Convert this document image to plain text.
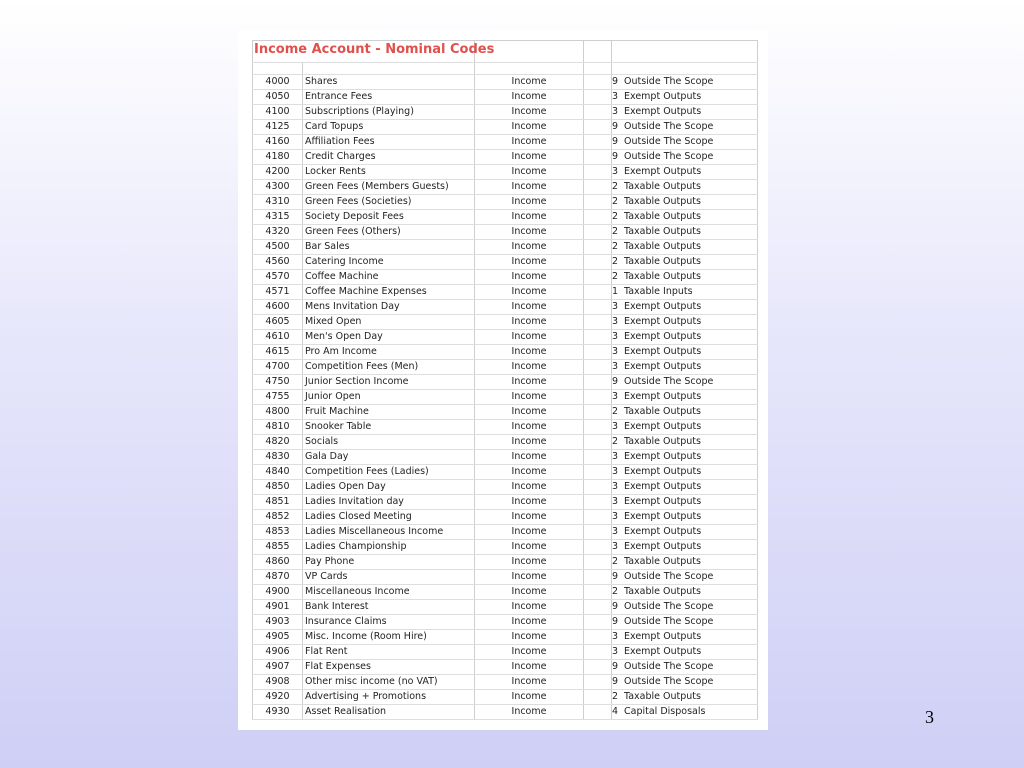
4000	Shares	Income		9 Outside The Scope
4050	Entrance Fees	Income		3 Exempt Outputs
4100	Subscriptions (Playing)	Income		3 Exempt Outputs
4125	Card Topups	Income		9 Outside The Scope
4160	Affiliation Fees	Income		9 Outside The Scope
4180	Credit Charges	Income		9 Outside The Scope
4200	Locker Rents	Income		3 Exempt Outputs
4300	Green Fees (Members Guests)	Income		2 Taxable Outputs
4310	Green Fees (Societies)	Income		2 Taxable Outputs
4315	Society Deposit Fees	Income		2 Taxable Outputs
4320	Green Fees (Others)	Income		2 Taxable Outputs
4500	Bar Sales	Income		2 Taxable Outputs
4560	Catering Income	Income		2 Taxable Outputs
4570	Coffee Machine	Income		2 Taxable Outputs
4571	Coffee Machine Expenses	Income		1 Taxable Inputs
4600	Mens Invitation Day	Income		3 Exempt Outputs
4605	Mixed Open	Income		3 Exempt Outputs
4610	Men's Open Day	Income		3 Exempt Outputs
4615	Pro Am Income	Income		3 Exempt Outputs
4700	Competition Fees (Men)	Income		3 Exempt Outputs
4750	Junior Section Income	Income		9 Outside The Scope
4755	Junior Open	Income		3 Exempt Outputs
4800	Fruit Machine	Income		2 Taxable Outputs
4810	Snooker Table	Income		3 Exempt Outputs
4820	Socials	Income		2 Taxable Outputs
4830	Gala Day	Income		3 Exempt Outputs
4840	Competition Fees (Ladies)	Income		3 Exempt Outputs
4850	Ladies Open Day	Income		3 Exempt Outputs
4851	Ladies Invitation day	Income		3 Exempt Outputs
4852	Ladies Closed Meeting	Income		3 Exempt Outputs
4853	Ladies Miscellaneous Income	Income		3 Exempt Outputs
4855	Ladies Championship	Income		3 Exempt Outputs
4860	Pay Phone	Income		2 Taxable Outputs
4870	VP Cards	Income		9 Outside The Scope
4900	Miscellaneous Income	Income		2 Taxable Outputs
4901	Bank Interest	Income		9 Outside The Scope
4903	Insurance Claims	Income		9 Outside The Scope
4905	Misc. Income (Room Hire)	Income		3 Exempt Outputs
4906	Flat Rent	Income		3 Exempt Outputs
4907	Flat Expenses	Income		9 Outside The Scope
4908	Other misc income (no VAT)	Income		9 Outside The Scope
4920	Advertising + Promotions	Income		2 Taxable Outputs
4930	Asset Realisation	Income		4 Capital Disposals
Income Account - Nominal Codes
3
